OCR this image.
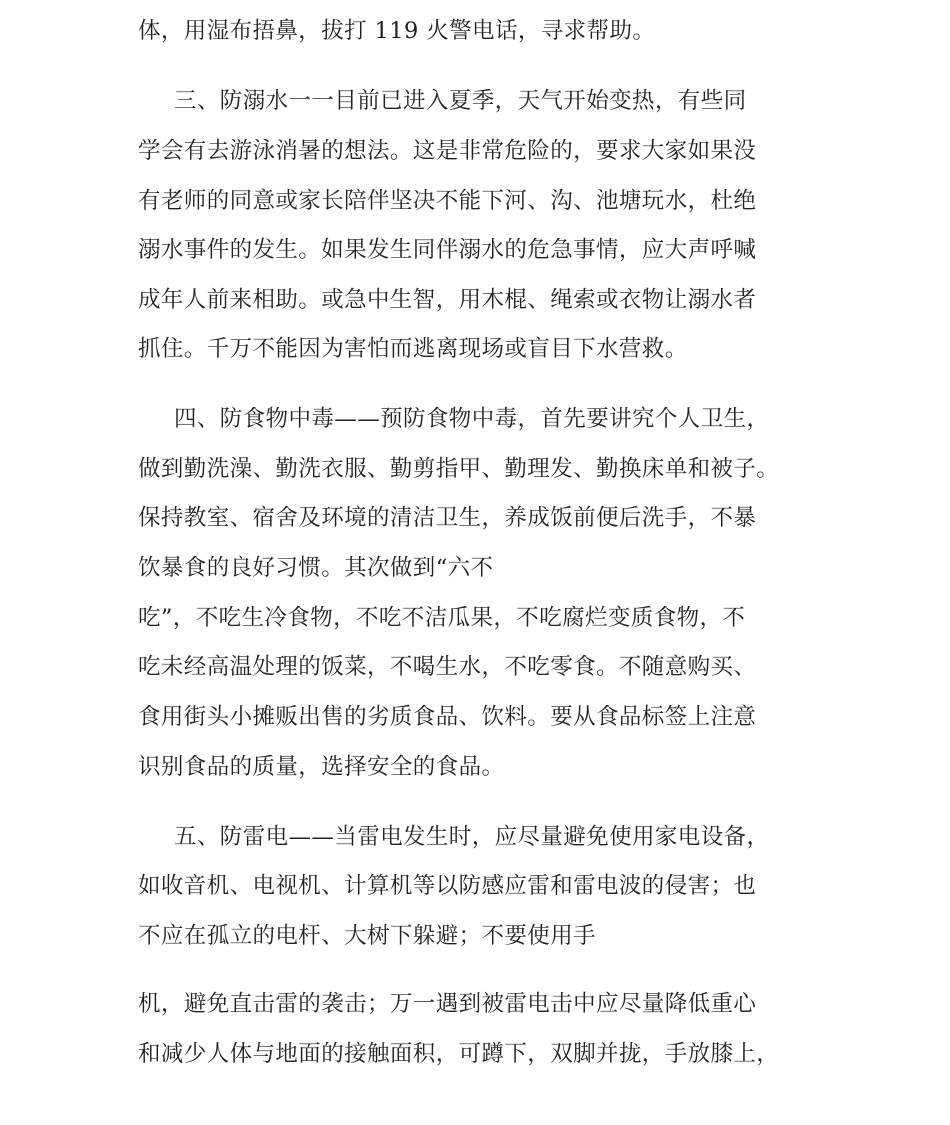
体，用湿布捂鼻，拔打 119 火警电话，寻求帮助。
三、防溺水一一目前已进入夏季，天气开始变热，有些同
学会有去游泳消暑的想法。这是非常危险的，要求大家如果没
有老师的同意或家长陪伴坚决不能下河、沟、池塘玩水，杜绝
溺水事件的发生。如果发生同伴溺水的危急事情，应大声呼喊
成年人前来相助。或急中生智，用木棍、绳索或衣物让溺水者
抓住。千万不能因为害怕而逃离现场或盲目下水营救。
四、防食物中毒——预防食物中毒，首先要讲究个人卫生，
做到勤洗澡、勤洗衣服、勤剪指甲、勤理发、勤换床单和被子。
保持教室、宿舍及环境的清洁卫生，养成饭前便后洗手，不暴
饮暴食的良好习惯。其次做到“六不
吃”，不吃生冷食物，不吃不洁瓜果，不吃腐烂变质食物，不
吃未经高温处理的饭菜，不喝生水，不吃零食。不随意购买、
食用街头小摊贩出售的劣质食品、饮料。要从食品标签上注意
识别食品的质量，选择安全的食品。
五、防雷电——当雷电发生时，应尽量避免使用家电设备，
如收音机、电视机、计算机等以防感应雷和雷电波的侵害；也
不应在孤立的电杆、大树下躲避；不要使用手
机，避免直击雷的袭击；万一遇到被雷电击中应尽量降低重心
和减少人体与地面的接触面积，可蹲下，双脚并拢，手放膝上，
